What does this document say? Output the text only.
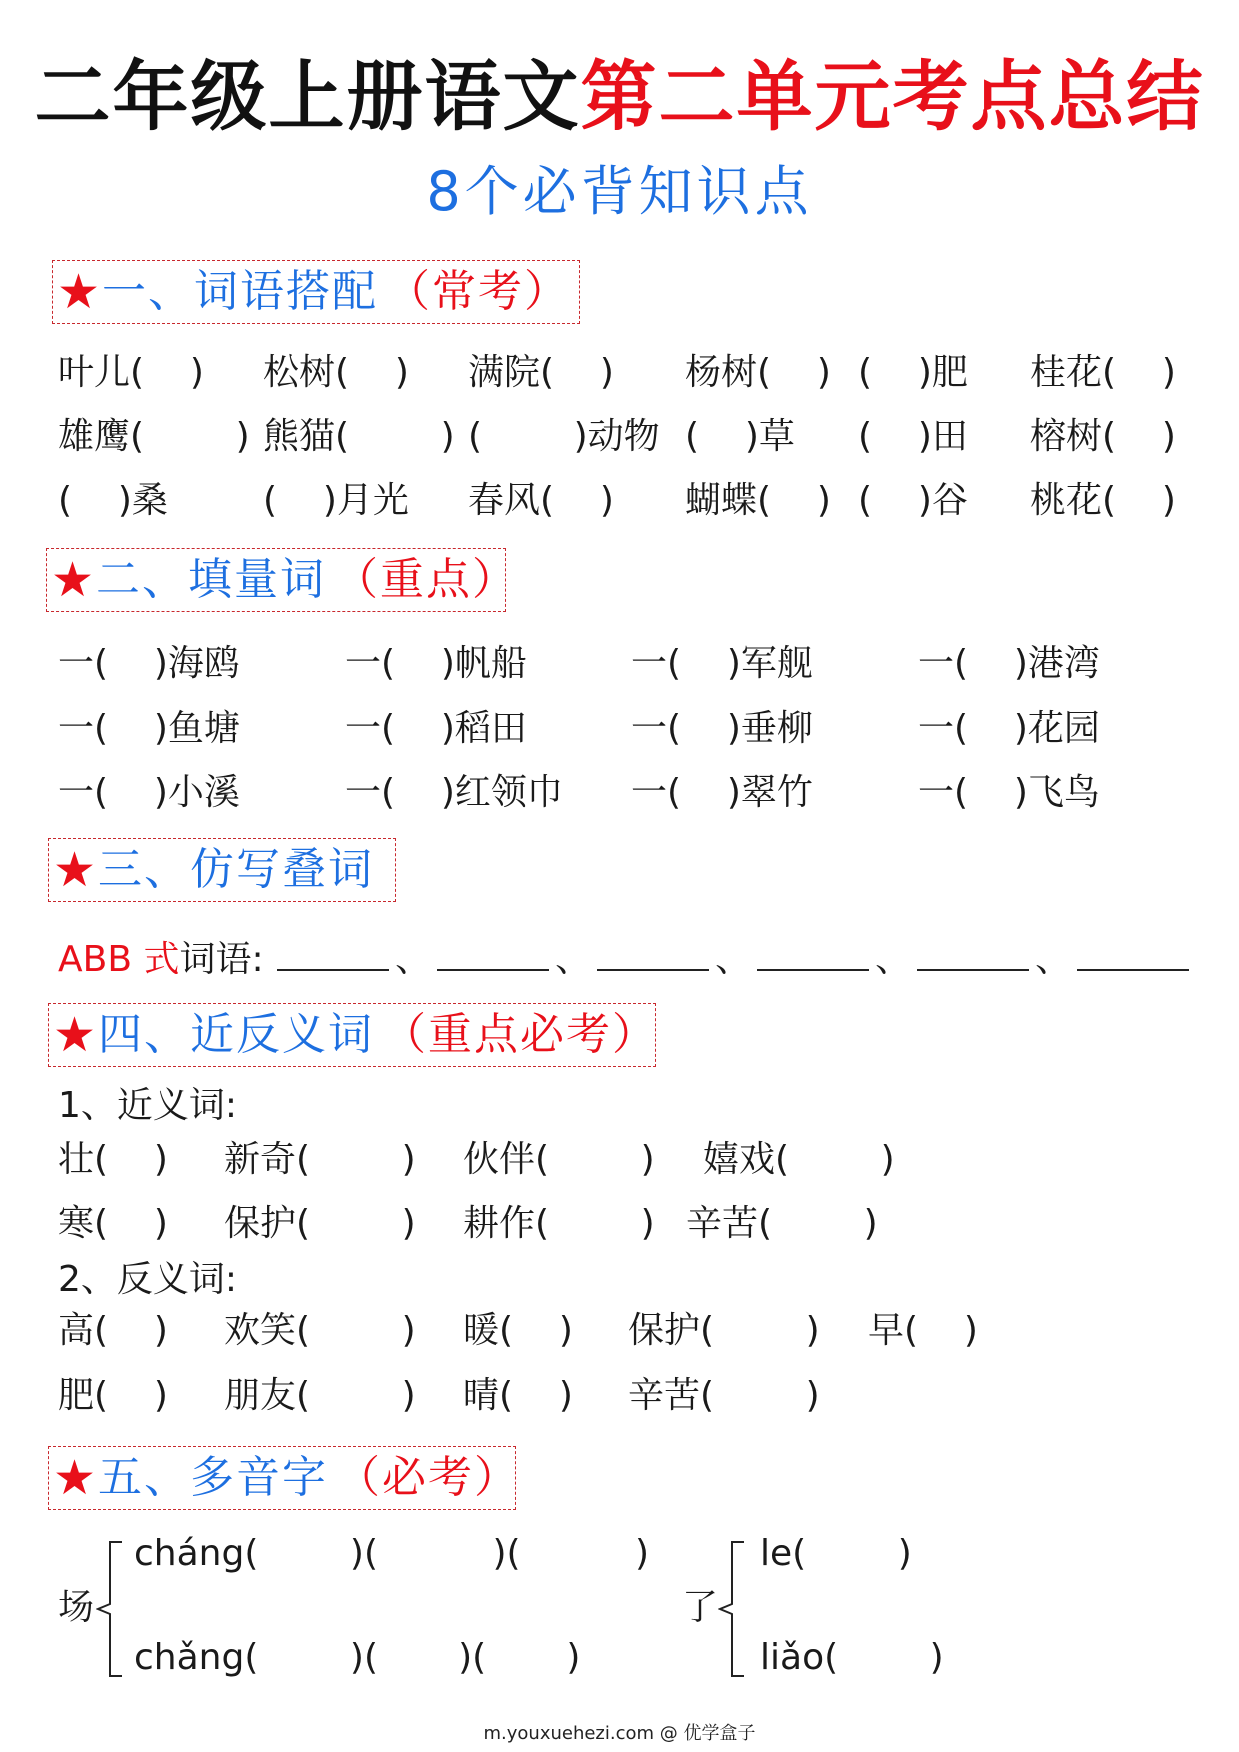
二年级上册语文第二单元考点总结
8个必背知识点
★ 一、词语搭配 （常考）
叶儿(    ) 松树(    ) 满院(    ) 杨树(    ) (    )肥 桂花(    )
雄鹰(        ) 熊猫(        ) (        )动物 (    )草 (    )田 榕树(    )
(    )桑	(    )月光 春风(    ) 蝴蝶(    ) (    )谷 桃花(    )
★ 二、填量词 （重点）
一(    )海鸥	一(    )帆船	一(    )军舰	一(    )港湾
一(    )鱼塘	一(    )稻田	一(    )垂柳	一(    )花园
一(    )小溪	一(    )红领巾 一(    )翠竹	一(    )飞鸟
★ 三、仿写叠词
ABB 式词语:	、	、	、	、	、
★ 四、近反义词 （重点必考）
1、近义词:
壮(    ) 新奇(        ) 伙伴(        ) 嬉戏(        )
寒(    ) 保护(        ) 耕作(        ) 辛苦(        )
2、反义词:
高(    ) 欢笑(        ) 暖(    ) 保护(        ) 早(    )
肥(    ) 朋友(        ) 晴(    ) 辛苦(        )
★ 五、多音字 （必考）
场
cháng(        )(          )(          )
chǎng(        )(       )(       )
了
le(        )
liǎo(        )
m.youxuehezi.com @ 优学盒子
